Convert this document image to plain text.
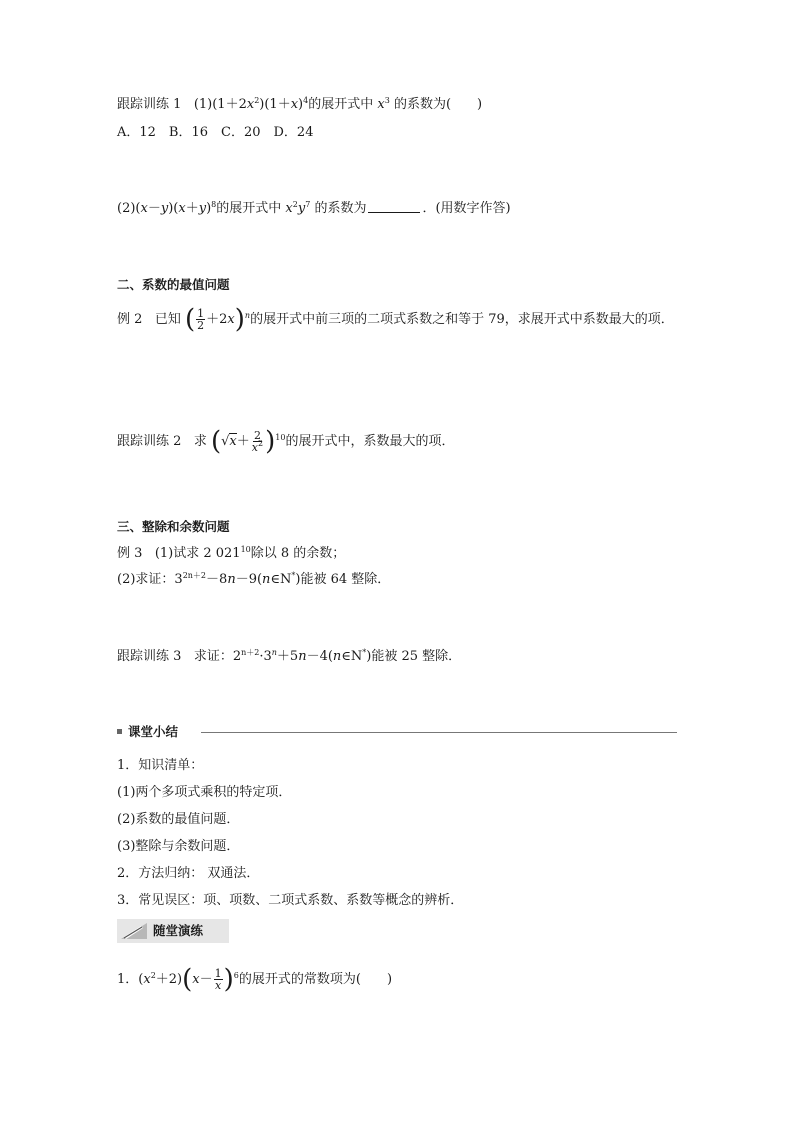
跟踪训练 1 $(1)(1+2x^2)(1+x)^4$的展开式中 $x^3$ 的系数为(　　)
A．12　B．16　C．20　D．24
$(2)(x-y)(x+y)^8$的展开式中 $x^2y^7$ 的系数为	．(用数字作答)
二、系数的最值问题
例 2 已知 ( $\frac{1}{2} +2x)^n$的展开式中前三项的二项式系数之和等于 79，求展开式中系数最大的项．
跟踪训练 2 求 $(√x+ \frac{2}{x^2} )^{10}$的展开式中，系数最大的项．
三、整除和余数问题
例 3 (1)试求 2 $021^{10}$除以 8 的余数；
(2)求证：$3^{2n+2}-8n-9(n\in N^*)$能被 64 整除．
跟踪训练 3 求证：$2^{n+2}\cdot 3^n+5n-4(n\in N^*)$能被 25 整除．
课堂小结
1．知识清单：
(1)两个多项式乘积的特定项．
(2)系数的最值问题．
(3)整除与余数问题．
2．方法归纳： 双通法．
3．常见误区：项、项数、二项式系数、系数等概念的辨析．
随堂演练
1．$(x^2+2)(x- \frac{1}{x} )^6$的展开式的常数项为(　　)
